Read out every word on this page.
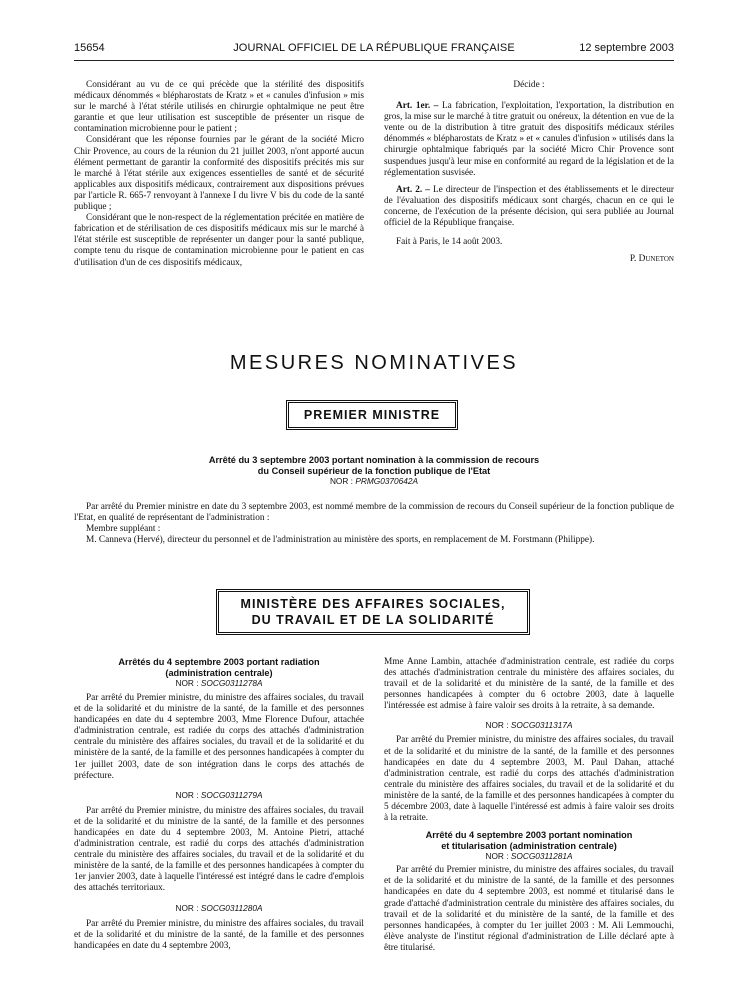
15654	JOURNAL OFFICIEL DE LA RÉPUBLIQUE FRANÇAISE	12 septembre 2003

Considérant au vu de ce qui précède que la stérilité des dispositifs médicaux dénommés « blépharostats de Kratz » et « canules d'infusion » mis sur le marché à l'état stérile utilisés en chirurgie ophtalmique ne peut être garantie et que leur utilisation est susceptible de présenter un risque de contamination microbienne pour le patient ;

Considérant que les réponse fournies par le gérant de la société Micro Chir Provence, au cours de la réunion du 21 juillet 2003, n'ont apporté aucun élément permettant de garantir la conformité des dispositifs précités mis sur le marché à l'état stérile aux exigences essentielles de santé et de sécurité applicables aux dispositifs médicaux, contrairement aux dispositions prévues par l'article R. 665-7 renvoyant à l'annexe I du livre V bis du code de la santé publique ;

Considérant que le non-respect de la réglementation précitée en matière de fabrication et de stérilisation de ces dispositifs médicaux mis sur le marché à l'état stérile est susceptible de représenter un danger pour la santé publique, compte tenu du risque de contamination microbienne pour le patient en cas d'utilisation d'un de ces dispositifs médicaux,

Décide :

Art. 1er. – La fabrication, l'exploitation, l'exportation, la distribution en gros, la mise sur le marché à titre gratuit ou onéreux, la détention en vue de la vente ou de la distribution à titre gratuit des dispositifs médicaux stériles dénommés « blépharostats de Kratz » et « canules d'infusion » utilisés dans la chirurgie ophtalmique fabriqués par la société Micro Chir Provence sont suspendues jusqu'à leur mise en conformité au regard de la législation et de la réglementation susvisée.

Art. 2. – Le directeur de l'inspection et des établissements et le directeur de l'évaluation des dispositifs médicaux sont chargés, chacun en ce qui le concerne, de l'exécution de la présente décision, qui sera publiée au Journal officiel de la République française.

Fait à Paris, le 14 août 2003.

P. Duneton
MESURES NOMINATIVES
PREMIER MINISTRE
Arrêté du 3 septembre 2003 portant nomination à la commission de recours
du Conseil supérieur de la fonction publique de l'Etat
NOR : PRMG0370642A

Par arrêté du Premier ministre en date du 3 septembre 2003, est nommé membre de la commission de recours du Conseil supérieur de la fonction publique de l'Etat, en qualité de représentant de l'administration :

Membre suppléant :

M. Canneva (Hervé), directeur du personnel et de l'administration au ministère des sports, en remplacement de M. Forstmann (Philippe).

MINISTÈRE DES AFFAIRES SOCIALES,
DU TRAVAIL ET DE LA SOLIDARITÉ
Arrêtés du 4 septembre 2003 portant radiation
(administration centrale)
NOR : SOCG0311278A

Par arrêté du Premier ministre, du ministre des affaires sociales, du travail et de la solidarité et du ministre de la santé, de la famille et des personnes handicapées en date du 4 septembre 2003, Mme Florence Dufour, attachée d'administration centrale, est radiée du corps des attachés d'administration centrale du ministère des affaires sociales, du travail et de la solidarité et du ministère de la santé, de la famille et des personnes handicapées à compter du 1er juillet 2003, date de son intégration dans le corps des attachés de préfecture.

NOR : SOCG0311279A

Par arrêté du Premier ministre, du ministre des affaires sociales, du travail et de la solidarité et du ministre de la santé, de la famille et des personnes handicapées en date du 4 septembre 2003, M. Antoine Pietri, attaché d'administration centrale, est radié du corps des attachés d'administration centrale du ministère des affaires sociales, du travail et de la solidarité et du ministère de la santé, de la famille et des personnes handicapées à compter du 1er janvier 2003, date à laquelle l'intéressé est intégré dans le cadre d'emplois des attachés territoriaux.

NOR : SOCG0311280A

Par arrêté du Premier ministre, du ministre des affaires sociales, du travail et de la solidarité et du ministre de la santé, de la famille et des personnes handicapées en date du 4 septembre 2003,

Mme Anne Lambin, attachée d'administration centrale, est radiée du corps des attachés d'administration centrale du ministère des affaires sociales, du travail et de la solidarité et du ministère de la santé, de la famille et des personnes handicapées à compter du 6 octobre 2003, date à laquelle l'intéressée est admise à faire valoir ses droits à la retraite, à sa demande.

NOR : SOCG0311317A

Par arrêté du Premier ministre, du ministre des affaires sociales, du travail et de la solidarité et du ministre de la santé, de la famille et des personnes handicapées en date du 4 septembre 2003, M. Paul Dahan, attaché d'administration centrale, est radié du corps des attachés d'administration centrale du ministère des affaires sociales, du travail et de la solidarité et du ministère de la santé, de la famille et des personnes handicapées à compter du 5 décembre 2003, date à laquelle l'intéressé est admis à faire valoir ses droits à la retraite.

Arrêté du 4 septembre 2003 portant nomination
et titularisation (administration centrale)
NOR : SOCG0311281A

Par arrêté du Premier ministre, du ministre des affaires sociales, du travail et de la solidarité et du ministre de la santé, de la famille et des personnes handicapées en date du 4 septembre 2003, est nommé et titularisé dans le grade d'attaché d'administration centrale du ministère des affaires sociales, du travail et de la solidarité et du ministère de la santé, de la famille et des personnes handicapées, à compter du 1er juillet 2003 : M. Ali Lemmouchi, élève analyste de l'institut régional d'administration de Lille déclaré apte à être titularisé.
